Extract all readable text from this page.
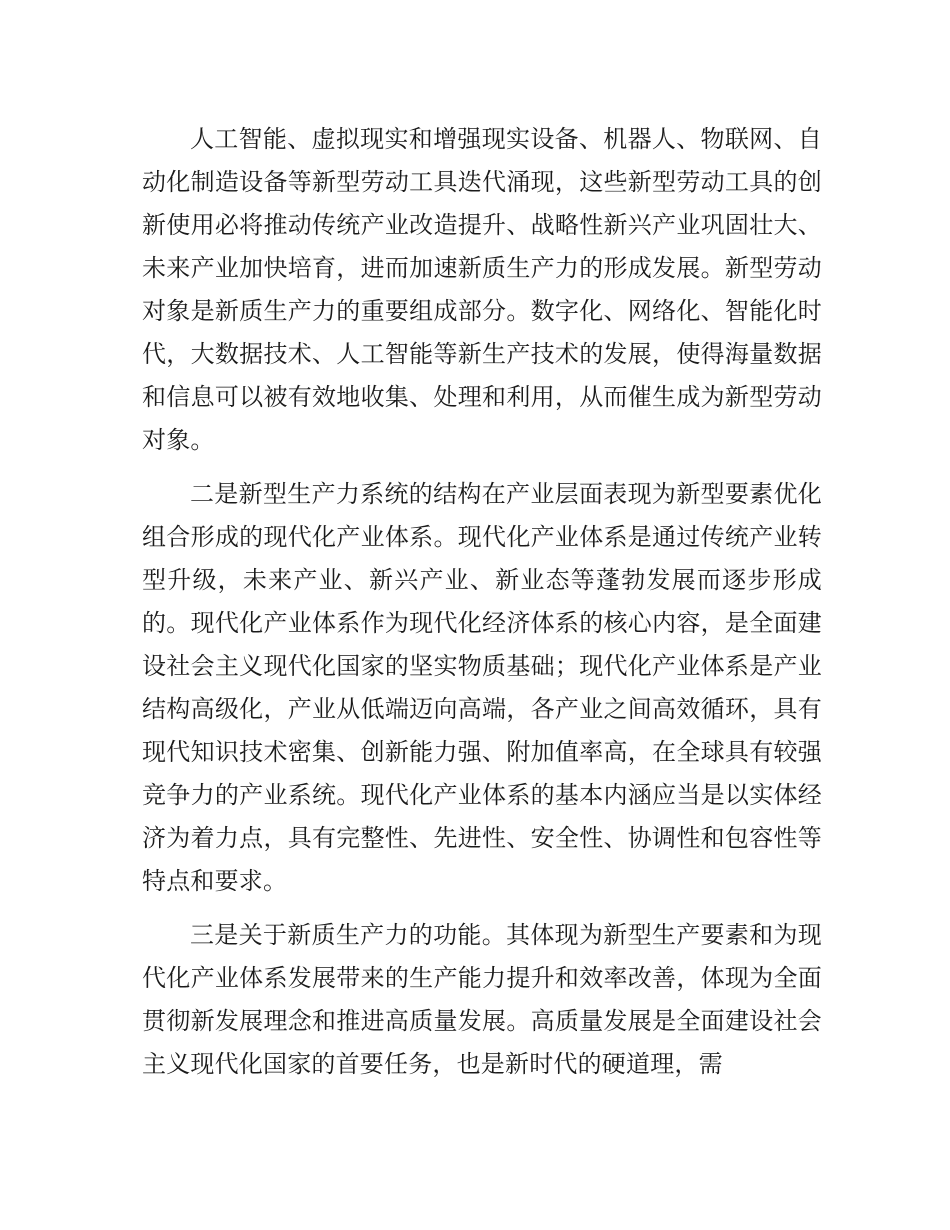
人工智能、虚拟现实和增强现实设备、机器人、物联网、自动化制造设备等新型劳动工具迭代涌现，这些新型劳动工具的创新使用必将推动传统产业改造提升、战略性新兴产业巩固壮大、未来产业加快培育，进而加速新质生产力的形成发展。新型劳动对象是新质生产力的重要组成部分。数字化、网络化、智能化时代，大数据技术、人工智能等新生产技术的发展，使得海量数据和信息可以被有效地收集、处理和利用，从而催生成为新型劳动对象。

二是新型生产力系统的结构在产业层面表现为新型要素优化组合形成的现代化产业体系。现代化产业体系是通过传统产业转型升级，未来产业、新兴产业、新业态等蓬勃发展而逐步形成的。现代化产业体系作为现代化经济体系的核心内容，是全面建设社会主义现代化国家的坚实物质基础；现代化产业体系是产业结构高级化，产业从低端迈向高端，各产业之间高效循环，具有现代知识技术密集、创新能力强、附加值率高，在全球具有较强竞争力的产业系统。现代化产业体系的基本内涵应当是以实体经济为着力点，具有完整性、先进性、安全性、协调性和包容性等特点和要求。

三是关于新质生产力的功能。其体现为新型生产要素和为现代化产业体系发展带来的生产能力提升和效率改善，体现为全面贯彻新发展理念和推进高质量发展。高质量发展是全面建设社会主义现代化国家的首要任务，也是新时代的硬道理，需
